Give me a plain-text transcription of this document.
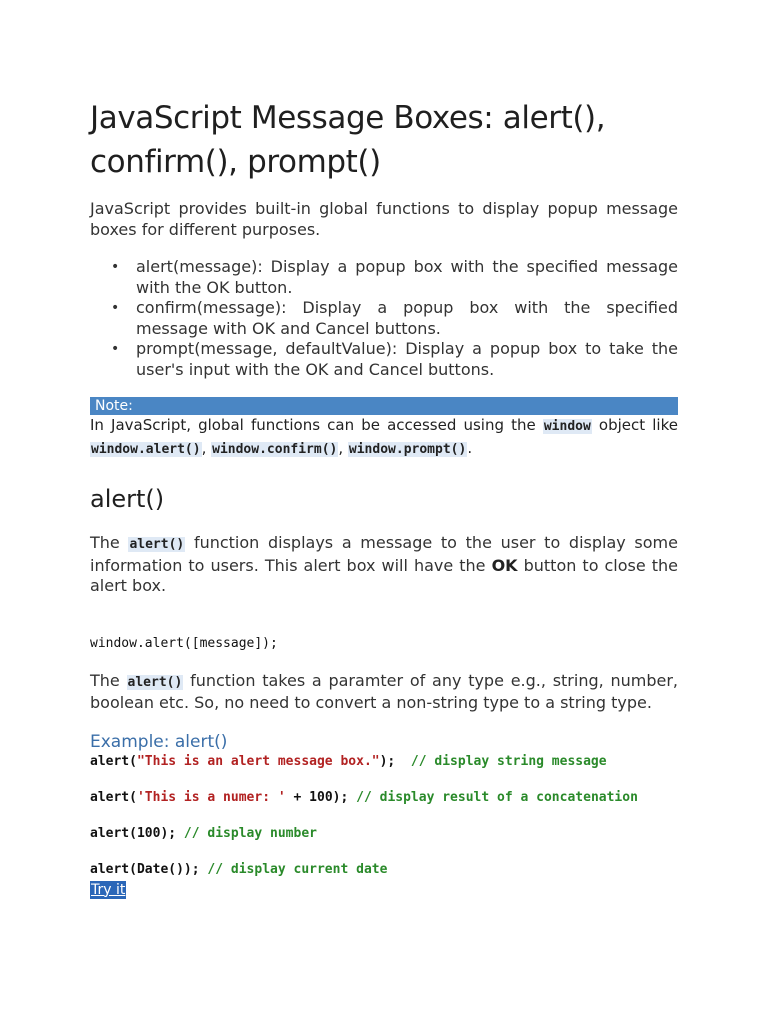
JavaScript Message Boxes: alert(),
confirm(), prompt()

JavaScript provides built-in global functions to display popup message boxes for different purposes.

• alert(message): Display a popup box with the specified message with the OK button.
• confirm(message): Display a popup box with the specified message with OK and Cancel buttons.
• prompt(message, defaultValue): Display a popup box to take the user's input with the OK and Cancel buttons.
Note:

In JavaScript, global functions can be accessed using the window object like window.alert(), window.confirm(), window.prompt().

alert()

The alert() function displays a message to the user to display some information to users. This alert box will have the OK button to close the alert box.

window.alert([message]);

The alert() function takes a paramter of any type e.g., string, number, boolean etc. So, no need to convert a non-string type to a string type.

Example: alert()
alert("This is an alert message box.");  // display string message
alert('This is a numer: ' + 100); // display result of a concatenation
alert(100); // display number
alert(Date()); // display current date
Try it
